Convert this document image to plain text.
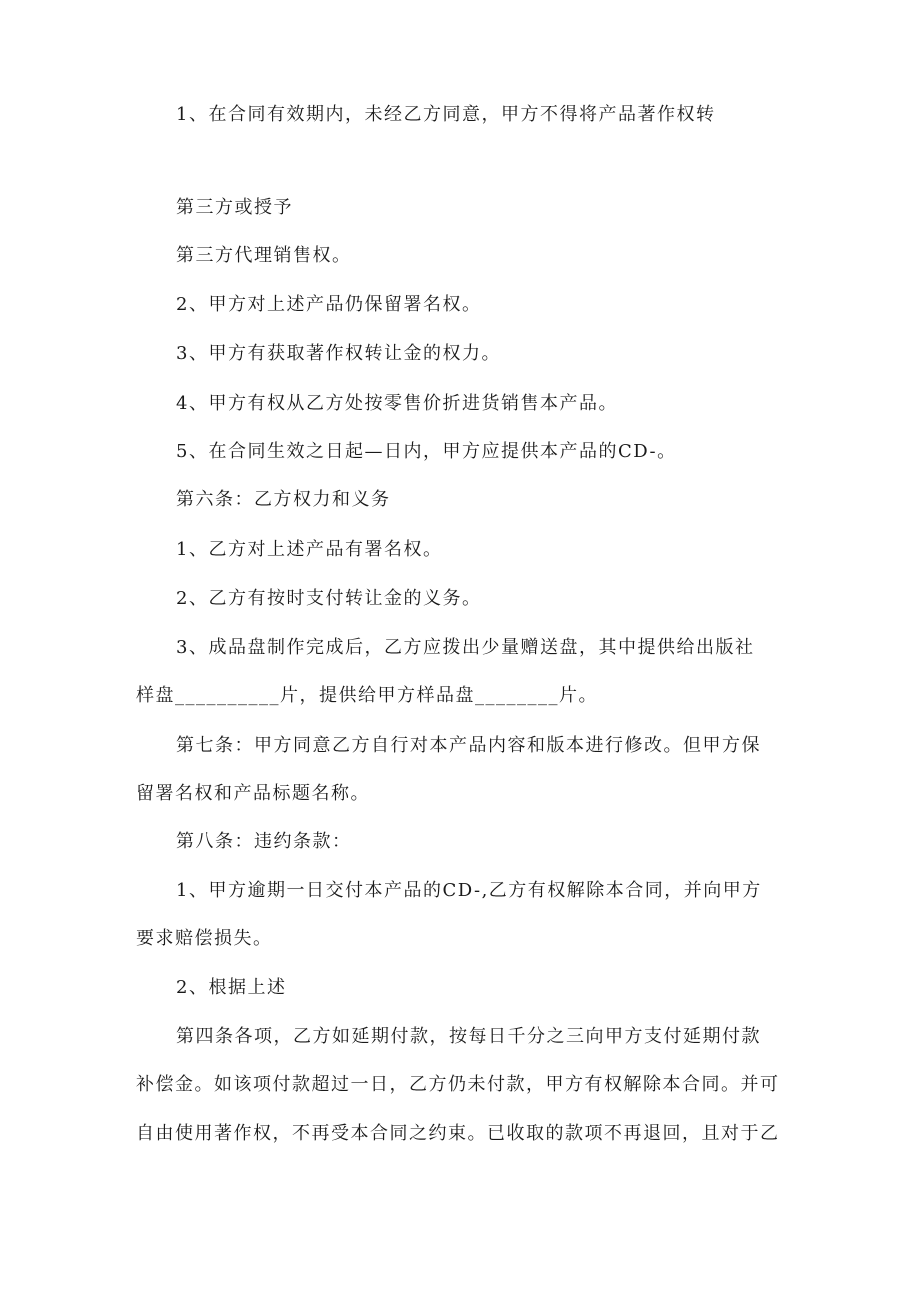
1、在合同有效期内，未经乙方同意，甲方不得将产品著作权转
第三方或授予
第三方代理销售权。
2、甲方对上述产品仍保留署名权。
3、甲方有获取著作权转让金的权力。
4、甲方有权从乙方处按零售价折进货销售本产品。
5、在合同生效之日起—日内，甲方应提供本产品的CD-。
第六条：乙方权力和义务
1、乙方对上述产品有署名权。
2、乙方有按时支付转让金的义务。
3、成品盘制作完成后，乙方应拨出少量赠送盘，其中提供给出版社
样盘__________片，提供给甲方样品盘________片。
第七条：甲方同意乙方自行对本产品内容和版本进行修改。但甲方保
留署名权和产品标题名称。
第八条：违约条款：
1、甲方逾期一日交付本产品的CD-,乙方有权解除本合同，并向甲方
要求赔偿损失。
2、根据上述
第四条各项，乙方如延期付款，按每日千分之三向甲方支付延期付款
补偿金。如该项付款超过一日，乙方仍未付款，甲方有权解除本合同。并可
自由使用著作权，不再受本合同之约束。已收取的款项不再退回，且对于乙
